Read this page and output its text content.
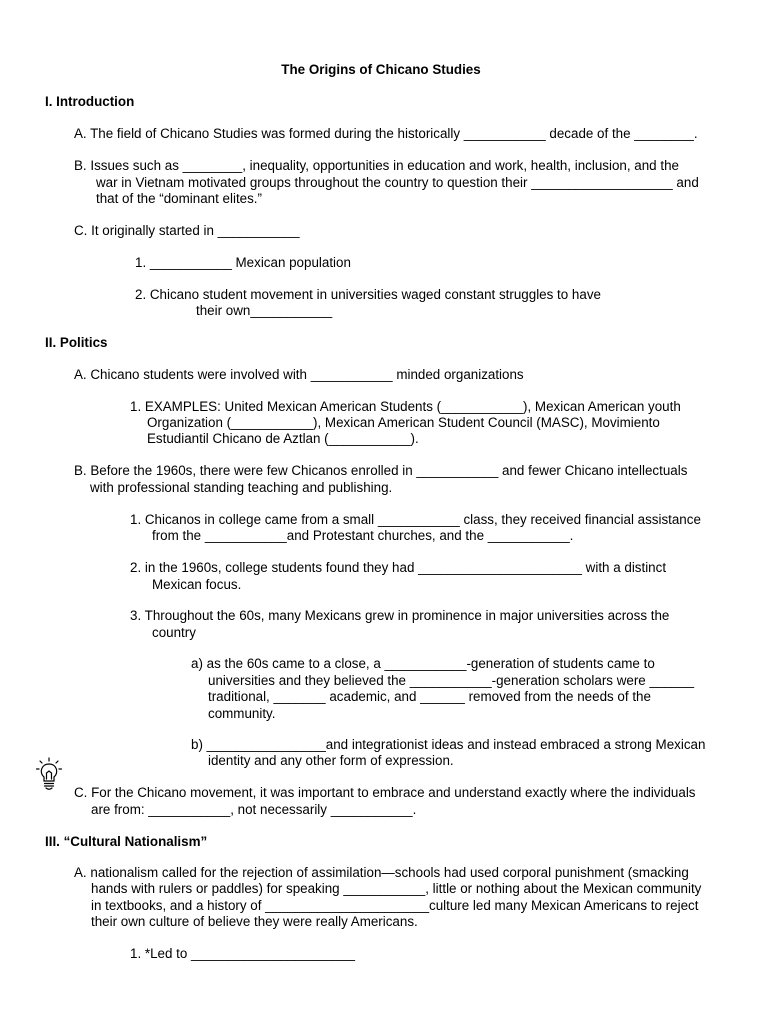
The Origins of Chicano Studies
I. Introduction
A. The field of Chicano Studies was formed during the historically ___________ decade of the ________.
B. Issues such as ________, inequality, opportunities in education and work, health, inclusion, and the
war in Vietnam motivated groups throughout the country to question their ___________________ and
that of the “dominant elites.”
C. It originally started in ___________
1. ___________ Mexican population
2. Chicano student movement in universities waged constant struggles to have
their own___________
II. Politics
A. Chicano students were involved with ___________ minded organizations
1. EXAMPLES: United Mexican American Students (___________), Mexican American youth
Organization (___________), Mexican American Student Council (MASC), Movimiento
Estudiantil Chicano de Aztlan (___________).
B. Before the 1960s, there were few Chicanos enrolled in ___________ and fewer Chicano intellectuals
with professional standing teaching and publishing.
1. Chicanos in college came from a small ___________ class, they received financial assistance
from the ___________and Protestant churches, and the ___________.
2. in the 1960s, college students found they had ______________________ with a distinct
Mexican focus.
3. Throughout the 60s, many Mexicans grew in prominence in major universities across the
country
a) as the 60s came to a close, a ___________-generation of students came to
universities and they believed the ___________-generation scholars were ______
traditional, _______ academic, and ______ removed from the needs of the
community.
b) ________________and integrationist ideas and instead embraced a strong Mexican
identity and any other form of expression.
C. For the Chicano movement, it was important to embrace and understand exactly where the individuals
are from: ___________, not necessarily ___________.
III. “Cultural Nationalism”
A. nationalism called for the rejection of assimilation—schools had used corporal punishment (smacking
hands with rulers or paddles) for speaking ___________, little or nothing about the Mexican community
in textbooks, and a history of ______________________culture led many Mexican Americans to reject
their own culture of believe they were really Americans.
1. *Led to ______________________
